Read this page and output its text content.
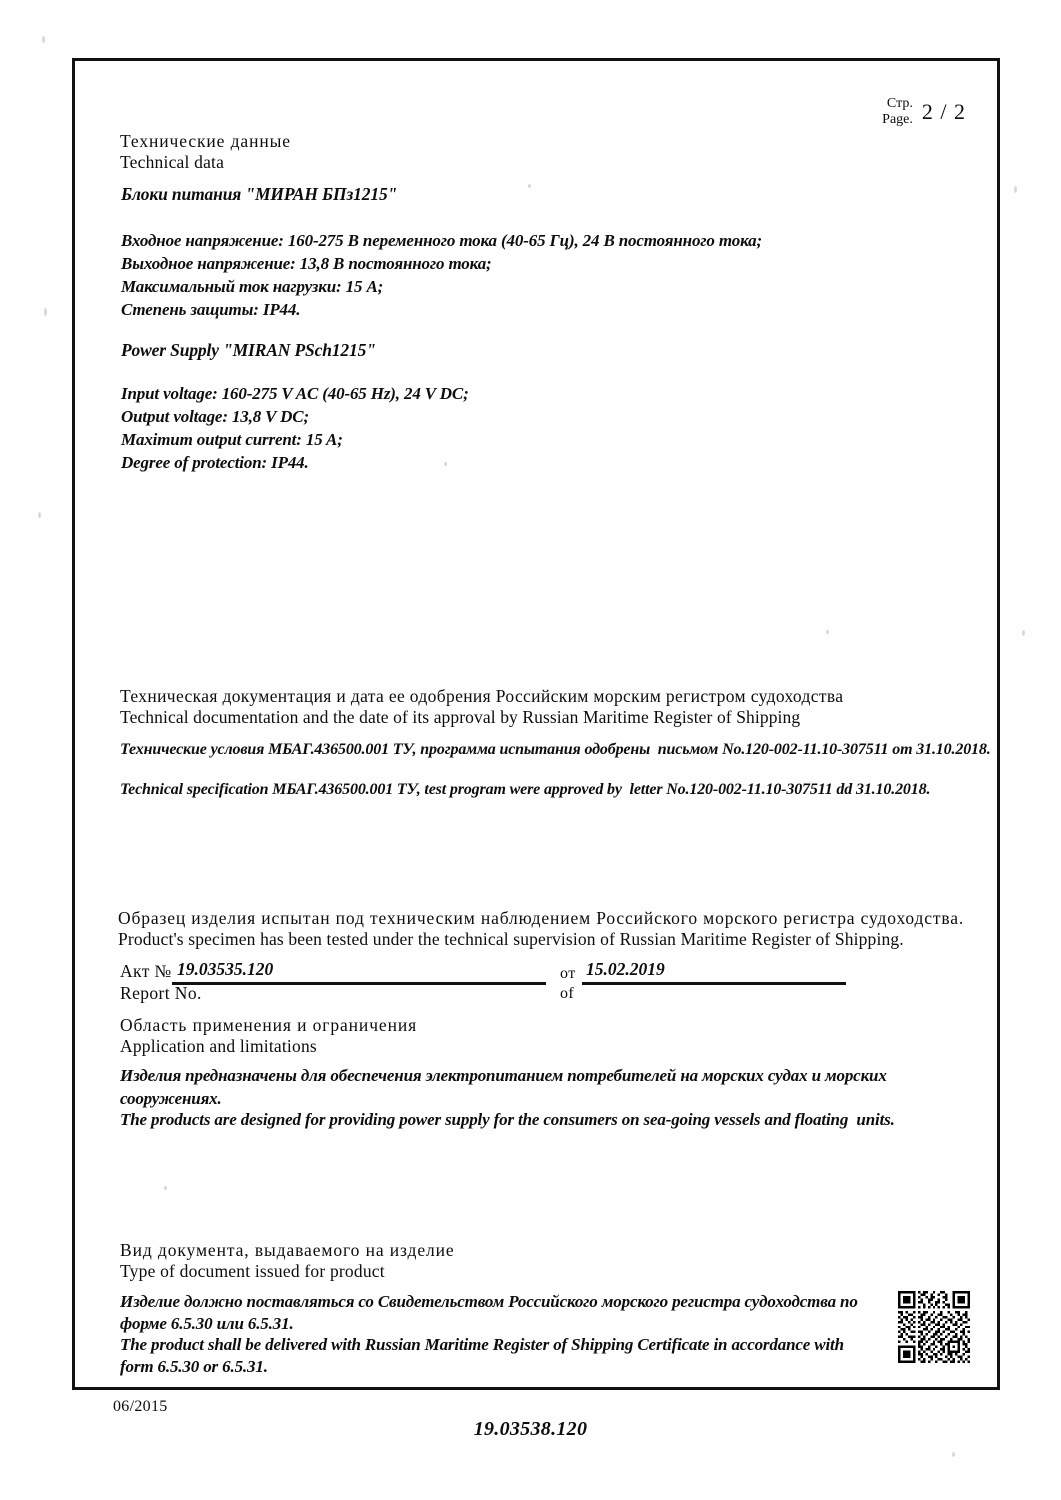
Стр.
Page. 2 / 2
Технические данные
Technical data
Блоки питания "МИРАН БПз1215"
Входное напряжение: 160-275 В переменного тока (40-65 Гц), 24 В постоянного тока;
Выходное напряжение: 13,8 В постоянного тока;
Максимальный ток нагрузки: 15 А;
Степень защиты: IP44.
Power Supply "MIRAN PSch1215"
Input voltage: 160-275 V AC (40-65 Hz), 24 V DC;
Output voltage: 13,8 V DC;
Maximum output current: 15 A;
Degree of protection: IP44.
Техническая документация и дата ее одобрения Российским морским регистром судоходства
Technical documentation and the date of its approval by Russian Maritime Register of Shipping
Технические условия МБАГ.436500.001 ТУ, программа испытания одобрены  письмом No.120-002-11.10-307511 от 31.10.2018.
Technical specification МБАГ.436500.001 ТУ, test program were approved by  letter No.120-002-11.10-307511 dd 31.10.2018.
Образец изделия испытан под техническим наблюдением Российского морского регистра судоходства.
Product's specimen has been tested under the technical supervision of Russian Maritime Register of Shipping.
Акт № 19.03535.120
Report No.
от 15.02.2019
of
Область применения и ограничения
Application and limitations
Изделия предназначены для обеспечения электропитанием потребителей на морских судах и морских
сооружениях.
The products are designed for providing power supply for the consumers on sea-going vessels and floating  units.
Вид документа, выдаваемого на изделие
Type of document issued for product
Изделие должно поставляться со Свидетельством Российского морского регистра судоходства по
форме 6.5.30 или 6.5.31.
The product shall be delivered with Russian Maritime Register of Shipping Certificate in accordance with
form 6.5.30 or 6.5.31.
06/2015
19.03538.120
